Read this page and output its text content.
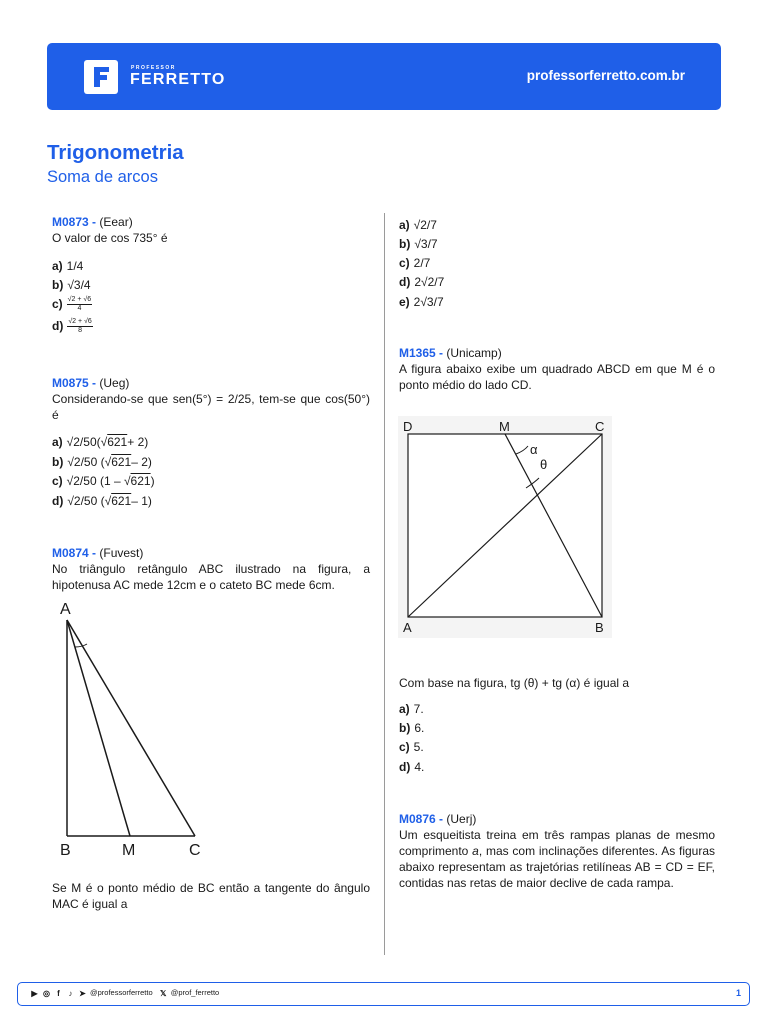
PROFESSOR
FERRETTO	professorferretto.com.br
Trigonometria
Soma de arcos
M0873 - (Eear)
O valor de cos 735° é
a) 1/4
b) √3/4
$c) \frac{√2 + √6}{4}$
$d) \frac{√2 + √6}{8}$
M0875 - (Ueg)
Considerando-se que sen(5°) = 2/25, tem-se que cos(50°) é
a) √2/50(√621+ 2)
b) √2/50 (√621– 2)
c) √2/50 (1 – √621)
d) √2/50 (√621– 1)
M0874 - (Fuvest)
No triângulo retângulo ABC ilustrado na figura, a hipotenusa AC mede 12cm e o cateto BC mede 6cm.
A
B	M	C
Se M é o ponto médio de BC então a tangente do ângulo MAC é igual a
a) √2/7
b) √3/7
c) 2/7
d) 2√2/7
e) 2√3/7
M1365 - (Unicamp)
A figura abaixo exibe um quadrado ABCD em que M é o ponto médio do lado CD.
D	M	C
A	B
α
θ
Com base na figura, tg (θ) + tg (α) é igual a
a) 7.
b) 6.
c) 5.
d) 4.
M0876 - (Uerj)
Um esqueitista treina em três rampas planas de mesmo comprimento a, mas com inclinações diferentes. As figuras abaixo representam as trajetórias retilíneas AB = CD = EF, contidas nas retas de maior declive de cada rampa.
▶ ◎ f ♪ ➤ @professorferretto 𝕏 @prof_ferretto	1
